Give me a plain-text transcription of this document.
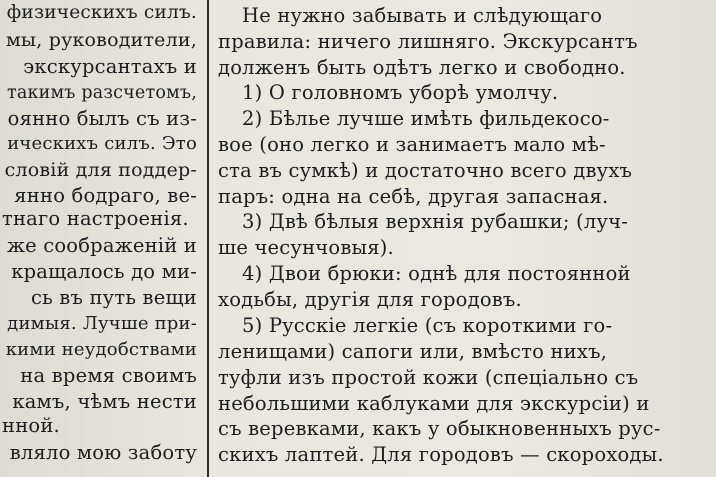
физическихъ силъ.
мы, руководители,
экскурсантахъ и
такимъ разсчетомъ,
оянно былъ съ из-
ическихъ силъ. Это
словій для поддер-
янно бодраго, ве-
тнаго настроенія.
же соображеній и
кращалось до ми-
сь въ путь вещи
димыя. Лучше при-
кими неудобствами
на время своимъ
камъ, чѣмъ нести
нной.
вляло мою заботу
Не нужно забывать и слѣдующаго
правила: ничего лишняго. Экскурсантъ
долженъ быть одѣтъ легко и свободно.
1) О головномъ уборѣ умолчу.
2) Бѣлье лучше имѣть фильдекосо-
вое (оно легко и занимаетъ мало мѣ-
ста въ сумкѣ) и достаточно всего двухъ
паръ: одна на себѣ, другая запасная.
3) Двѣ бѣлыя верхнія рубашки; (луч-
ше чесунчовыя).
4) Двои брюки: однѣ для постоянной
ходьбы, другія для городовъ.
5) Русскіе легкіе (съ короткими го-
ленищами) сапоги или, вмѣсто нихъ,
туфли изъ простой кожи (спеціально съ
небольшими каблуками для экскурсіи) и
съ веревками, какъ у обыкновенныхъ рус-
скихъ лаптей. Для городовъ — скороходы.
